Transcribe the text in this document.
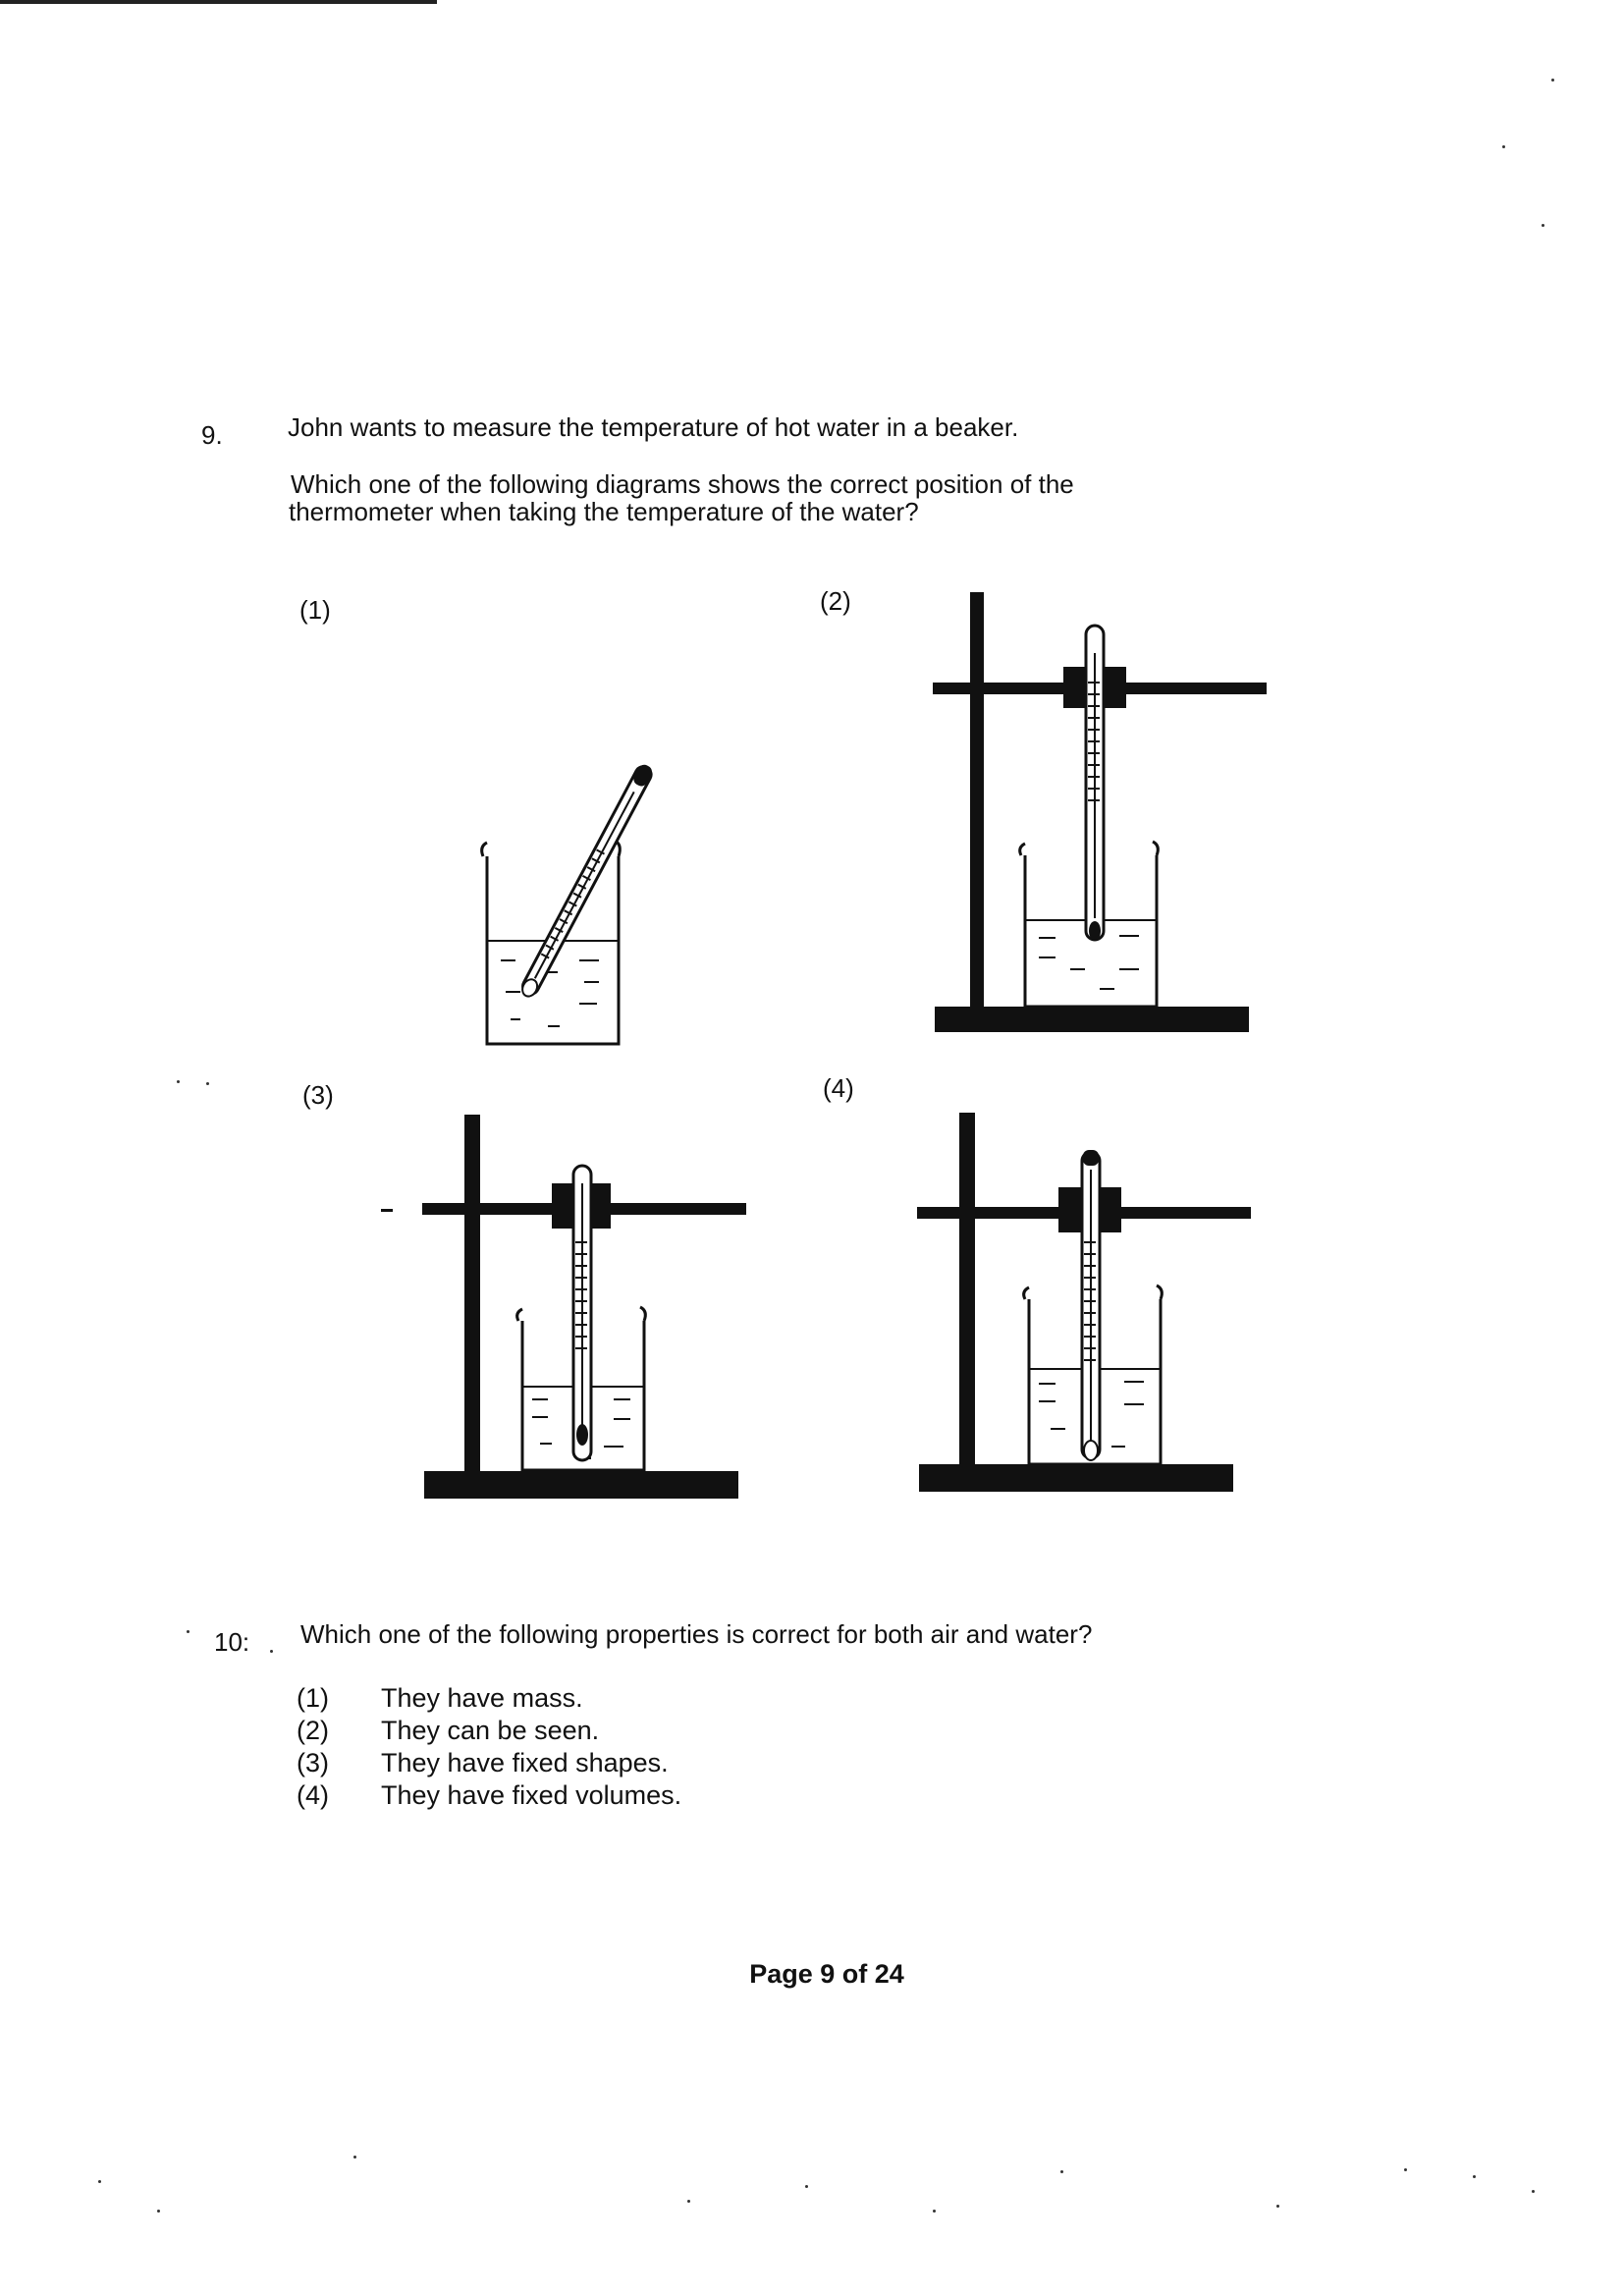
9.	John wants to measure the temperature of hot water in a beaker.
Which one of the following diagrams shows the correct position of the
thermometer when taking the temperature of the water?
(1)	(2)
(3)	(4)
10: Which one of the following properties is correct for both air and water?
(1)	They have mass.
(2)	They can be seen.
(3)	They have fixed shapes.
(4)	They have fixed volumes.
Page 9 of 24
